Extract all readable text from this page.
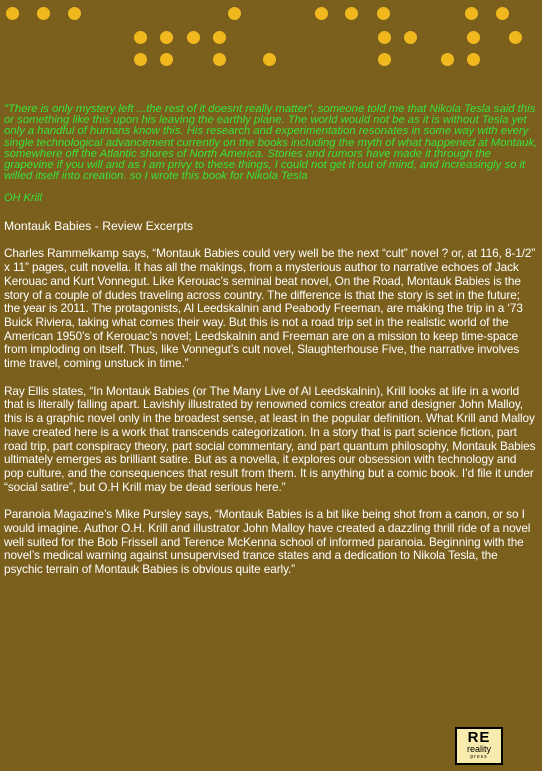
"There is only mystery left ...the rest of it doesnt really matter", someone told me that Nikola Tesla said this or something like this upon his leaving the earthly plane. The world would not be as it is without Tesla yet only a handful of humans know this. His research and experimentation resonates in some way with every single technological advancement currently on the books including the myth of what happened at Montauk, somewhere off the Atlantic shores of North America. Stories and rumors have made it through the grapevine if you will and as I am privy to these things, I could not get it out of mind, and increasingly so it willed itself into creation. so I wrote this book for Nikola Tesla

OH Krill

Montauk Babies - Review Excerpts

Charles Rammelkamp says, “Montauk Babies could very well be the next “cult” novel ? or, at 116, 8-1/2” x 11” pages, cult novella. It has all the makings, from a mysterious author to narrative echoes of Jack Kerouac and Kurt Vonnegut. Like Kerouac’s seminal beat novel, On the Road, Montauk Babies is the story of a couple of dudes traveling across country. The difference is that the story is set in the future; the year is 2011. The protagonists, Al Leedskalnin and Peabody Freeman, are making the trip in a ‘73 Buick Riviera, taking what comes their way. But this is not a road trip set in the realistic world of the American 1950’s of Kerouac’s novel; Leedskalnin and Freeman are on a mission to keep time-space from imploding on itself. Thus, like Vonnegut’s cult novel, Slaughterhouse Five, the narrative involves time travel, coming unstuck in time.”

Ray Ellis states, “In Montauk Babies (or The Many Live of Al Leedskalnin), Krill looks at life in a world that is literally falling apart. Lavishly illustrated by renowned comics creator and designer John Malloy, this is a graphic novel only in the broadest sense, at least in the popular definition. What Krill and Malloy have created here is a work that transcends categorization. In a story that is part science fiction, part road trip, part conspiracy theory, part social commentary, and part quantum philosophy, Montauk Babies ultimately emerges as brilliant satire. But as a novella, it explores our obsession with technology and pop culture, and the consequences that result from them. It is anything but a comic book. I’d file it under “social satire”, but O.H Krill may be dead serious here.”

Paranoia Magazine’s Mike Pursley says, “Montauk Babies is a bit like being shot from a canon, or so I would imagine. Author O.H. Krill and illustrator John Malloy have created a dazzling thrill ride of a novel well suited for the Bob Frissell and Terence McKenna school of informed paranoia. Beginning with the novel’s medical warning against unsupervised trance states and a dedication to Nikola Tesla, the psychic terrain of Montauk Babies is obvious quite early.”

RE
reality
press
